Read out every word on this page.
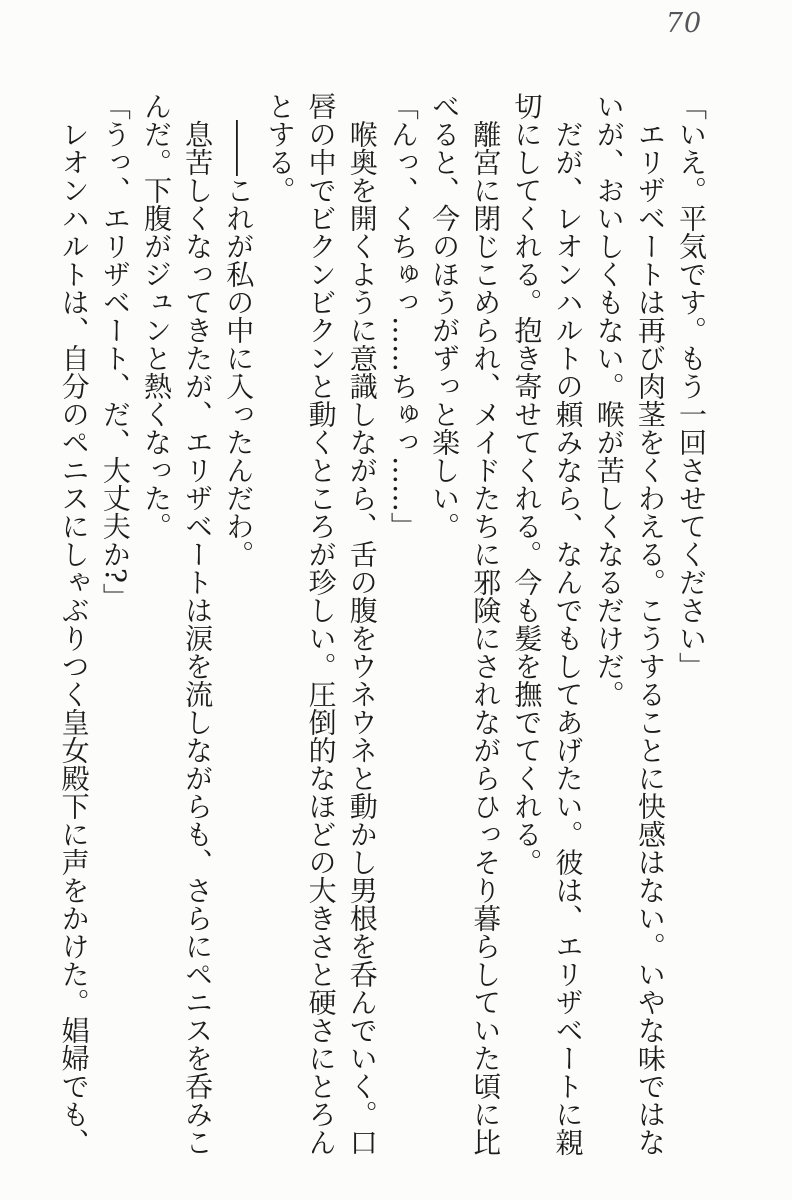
70

「いえ。平気です。もう一回させてください」

エリザベートは再び肉茎をくわえる。こうすることに快感はない。いやな味ではないが、おいしくもない。喉が苦しくなるだけだ。

だが、レオンハルトの頼みなら、なんでもしてあげたい。彼は、エリザベートに親切にしてくれる。抱き寄せてくれる。今も髪を撫でてくれる。

離宮に閉じこめられ、メイドたちに邪険にされながらひっそり暮らしていた頃に比べると、今のほうがずっと楽しい。

「んっ、くちゅっ……ちゅっ……」

喉奥を開くように意識しながら、舌の腹をウネウネと動かし男根を呑んでいく。口唇の中でビクンビクンと動くところが珍しい。圧倒的なほどの大きさと硬さにとろんとする。

――これが私の中に入ったんだわ。

息苦しくなってきたが、エリザベートは涙を流しながらも、さらにペニスを呑みこんだ。下腹がジュンと熱くなった。

「うっ、エリザベート、だ、大丈夫か?」

レオンハルトは、自分のペニスにしゃぶりつく皇女殿下に声をかけた。娼婦でも、
